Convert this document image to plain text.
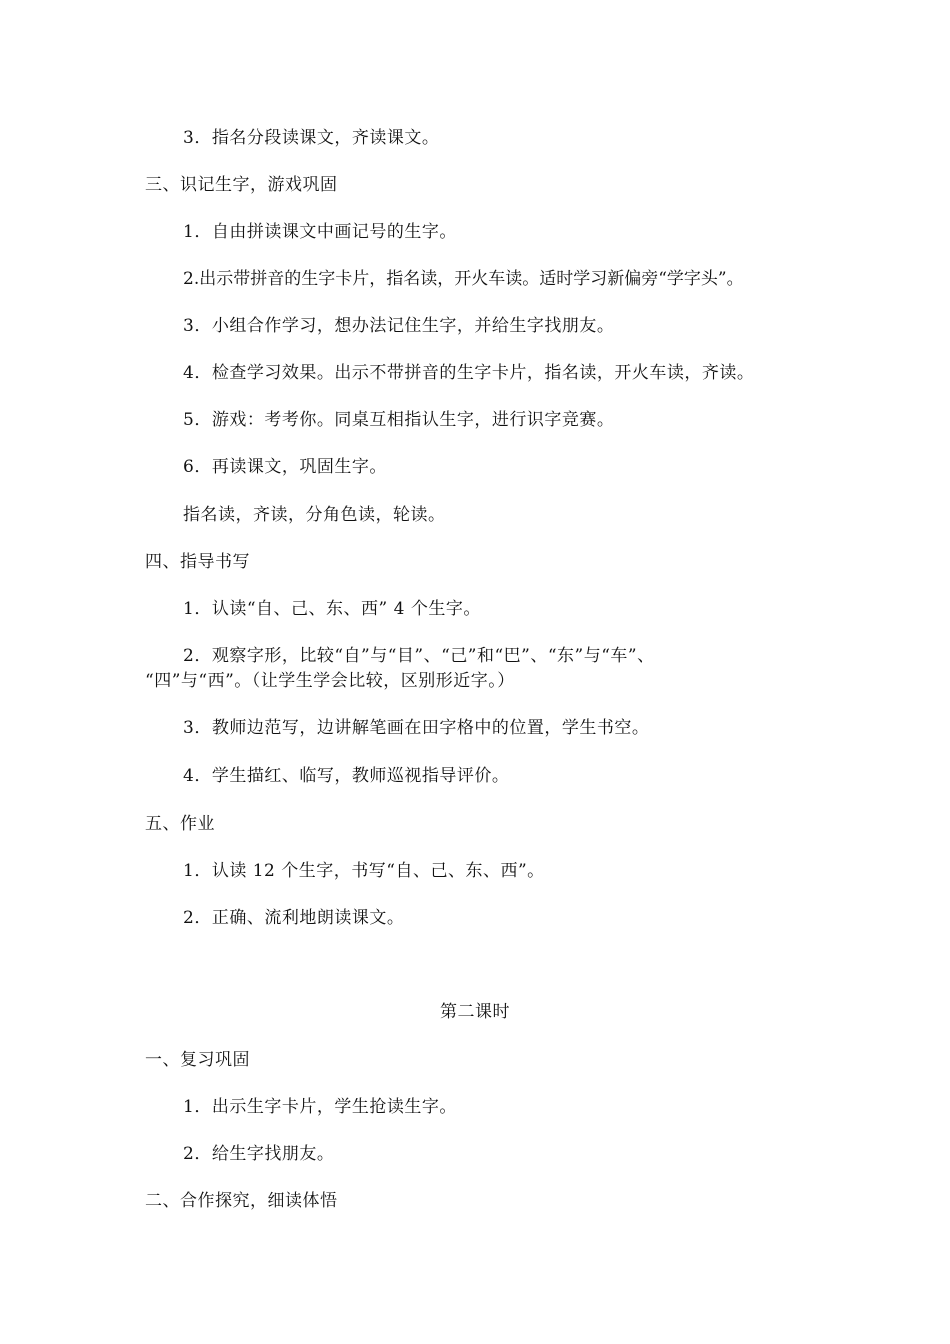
3．指名分段读课文，齐读课文。
三、识记生字，游戏巩固
1．自由拼读课文中画记号的生字。
2.出示带拼音的生字卡片，指名读，开火车读。适时学习新偏旁“学字头”。
3．小组合作学习，想办法记住生字，并给生字找朋友。
4．检查学习效果。出示不带拼音的生字卡片，指名读，开火车读，齐读。
5．游戏：考考你。同桌互相指认生字，进行识字竞赛。
6．再读课文，巩固生字。
指名读，齐读，分角色读，轮读。
四、指导书写
1．认读“自、己、东、西” 4 个生字。
2．观察字形，比较“自”与“目”、“己”和“巴”、“东”与“车”、
“四”与“西”。（让学生学会比较，区别形近字。）
3．教师边范写，边讲解笔画在田字格中的位置，学生书空。
4．学生描红、临写，教师巡视指导评价。
五、作业
1．认读 12 个生字，书写“自、己、东、西”。
2．正确、流利地朗读课文。
第二课时
一、复习巩固
1．出示生字卡片，学生抢读生字。
2．给生字找朋友。
二、合作探究，细读体悟
